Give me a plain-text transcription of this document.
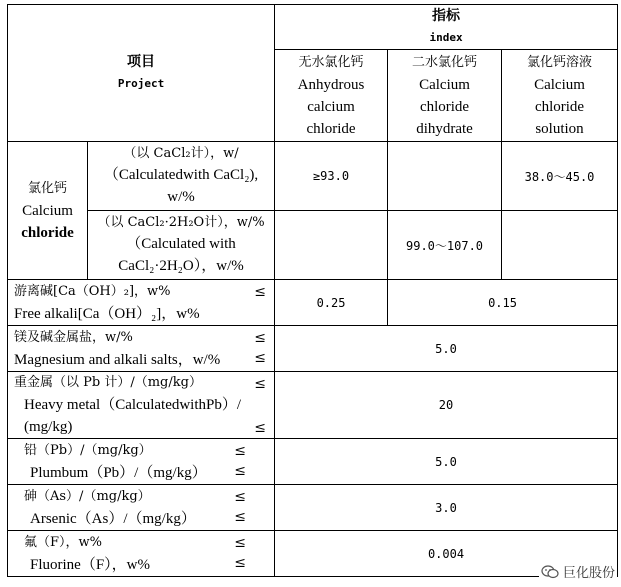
项目
Project		指标
index		

		无水氯化钙
Anhydrous
calcium
chloride	二水氯化钙
Calcium
chloride
dihydrate	氯化钙溶液
Calcium
chloride
solution

氯化钙
Calcium
chloride	（以 CaCl₂计），w/
（Calculatedwith CaCl₂),
w/%	≥93.0		38.0～45.0

	（以 CaCl₂·2H₂O计），w/%
（Calculated with
CaCl₂·2H₂O），w/%		99.0～107.0	

游离碱[Ca（OH）₂]，w%
Free alkali[Ca（OH）₂]，w%
≤		0.25	0.15	

镁及碱金属盐，w/%
Magnesium and alkali salts，w/%
≤
≤		5.0		

重金属（以 Pb 计）/（mg/kg）
Heavy metal（CalculatedwithPb）/
(mg/kg)
≤
≤		20		

铅（Pb）/（mg/kg）
Plumbum（Pb）/（mg/kg）
≤
≤		5.0		

砷（As）/（mg/kg）
Arsenic（As）/（mg/kg）
≤
≤		3.0		

氟（F），w%
Fluorine（F），w%
≤
≤		0.004		
巨化股份
